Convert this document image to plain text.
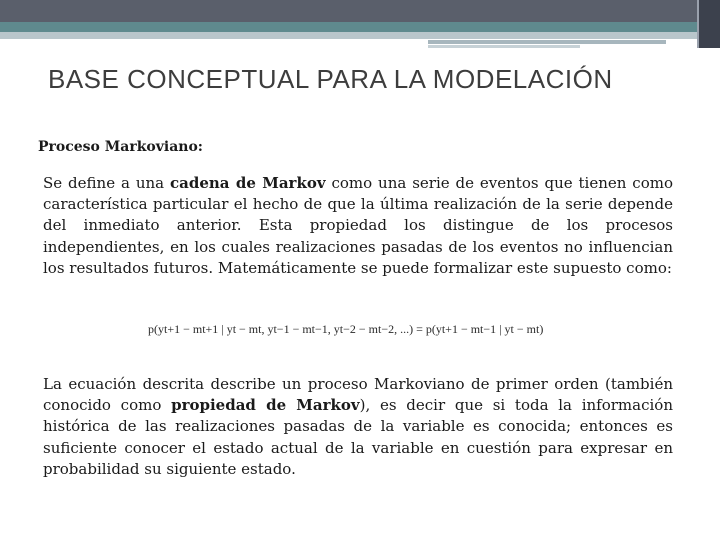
BASE CONCEPTUAL PARA LA MODELACIÓN

Proceso Markoviano:

Se define a una cadena de Markov como una serie de eventos que tienen como característica particular el hecho de que la última realización de la serie depende del inmediato anterior. Esta propiedad los distingue de los procesos independientes, en los cuales realizaciones pasadas de los eventos no influencian los resultados futuros. Matemáticamente se puede formalizar este supuesto como:

p(yt+1 − mt+1 | yt − mt, yt−1 − mt−1, yt−2 − mt−2, ...) = p(yt+1 − mt−1 | yt − mt)

La ecuación descrita describe un proceso Markoviano de primer orden (también conocido como propiedad de Markov), es decir que si toda la información histórica de las realizaciones pasadas de la variable es conocida; entonces es suficiente conocer el estado actual de la variable en cuestión para expresar en probabilidad su siguiente estado.
